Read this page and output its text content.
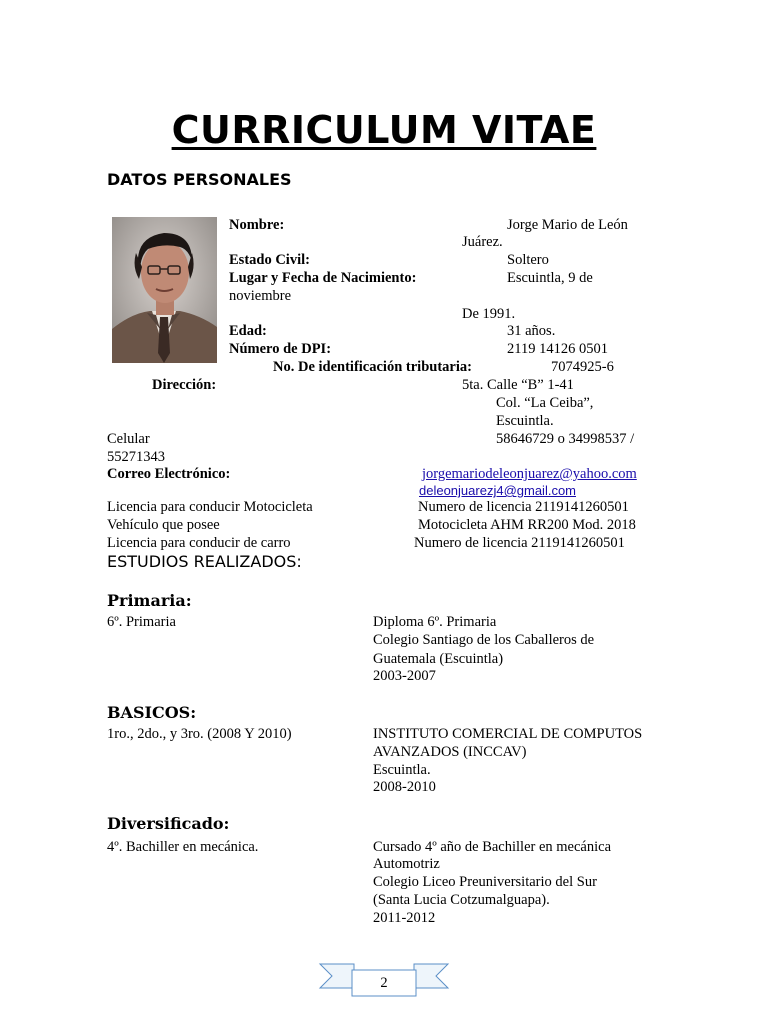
CURRICULUM VITAE
DATOS PERSONALES
Nombre:	Jorge Mario de León
Juárez.
Estado Civil:	Soltero
Lugar y Fecha de Nacimiento:	Escuintla, 9 de
noviembre
De 1991.
Edad:	31 años.
Número de DPI:	2119 14126 0501
No. De identificación tributaria:	7074925-6
Dirección:	5ta. Calle “B” 1-41
Col. “La Ceiba”,
Escuintla.
Celular	58646729 o 34998537 /
55271343
Correo Electrónico:	jorgemariodeleonjuarez@yahoo.com
deleonjuarezj4@gmail.com
Licencia para conducir Motocicleta	Numero de licencia 2119141260501
Vehículo que posee	Motocicleta AHM RR200 Mod. 2018
Licencia para conducir de carro	Numero de licencia 2119141260501
ESTUDIOS REALIZADOS:
Primaria:
6º. Primaria	Diploma 6º. Primaria
Colegio Santiago de los Caballeros de
Guatemala (Escuintla)
2003-2007
BASICOS:
1ro., 2do., y 3ro. (2008 Y 2010)	INSTITUTO COMERCIAL DE COMPUTOS
AVANZADOS (INCCAV)
Escuintla.
2008-2010
Diversificado:
4º. Bachiller en mecánica.	Cursado 4º año de Bachiller en mecánica
Automotriz
Colegio Liceo Preuniversitario del Sur
(Santa Lucia Cotzumalguapa).
2011-2012
2
